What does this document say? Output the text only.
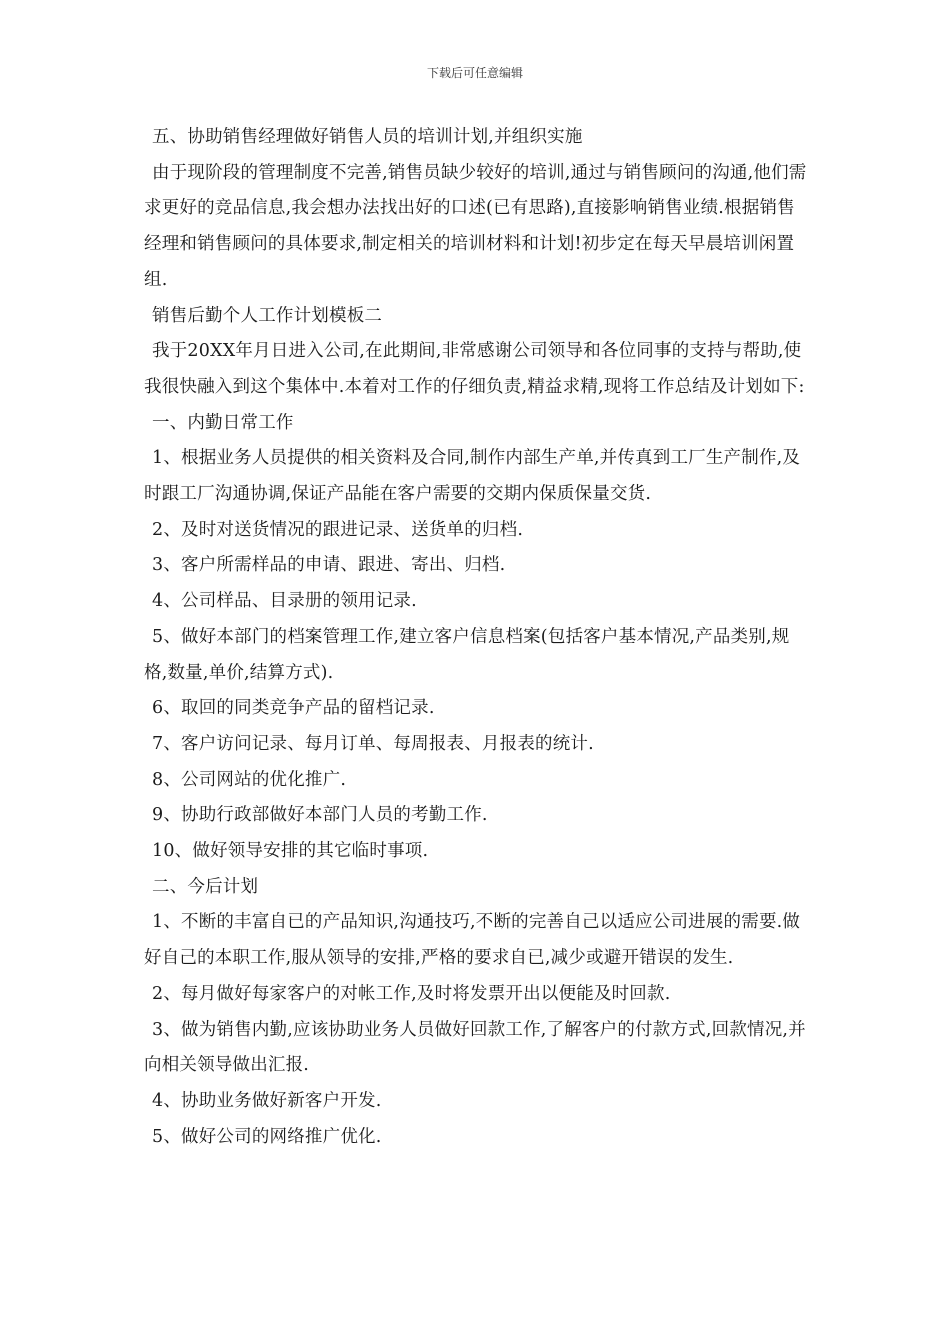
下载后可任意编辑

五、协助销售经理做好销售人员的培训计划,并组织实施

由于现阶段的管理制度不完善,销售员缺少较好的培训,通过与销售顾问的沟通,他们需求更好的竞品信息,我会想办法找出好的口述(已有思路),直接影响销售业绩.根据销售经理和销售顾问的具体要求,制定相关的培训材料和计划!初步定在每天早晨培训闲置组.

销售后勤个人工作计划模板二

我于20XX年月日进入公司,在此期间,非常感谢公司领导和各位同事的支持与帮助,使我很快融入到这个集体中.本着对工作的仔细负责,精益求精,现将工作总结及计划如下:

一、内勤日常工作

1、根据业务人员提供的相关资料及合同,制作内部生产单,并传真到工厂生产制作,及时跟工厂沟通协调,保证产品能在客户需要的交期内保质保量交货.

2、及时对送货情况的跟进记录、送货单的归档.

3、客户所需样品的申请、跟进、寄出、归档.

4、公司样品、目录册的领用记录.

5、做好本部门的档案管理工作,建立客户信息档案(包括客户基本情况,产品类别,规格,数量,单价,结算方式).

6、取回的同类竞争产品的留档记录.

7、客户访问记录、每月订单、每周报表、月报表的统计.

8、公司网站的优化推广.

9、协助行政部做好本部门人员的考勤工作.

10、做好领导安排的其它临时事项.

二、今后计划

1、不断的丰富自已的产品知识,沟通技巧,不断的完善自己以适应公司进展的需要.做好自己的本职工作,服从领导的安排,严格的要求自已,减少或避开错误的发生.

2、每月做好每家客户的对帐工作,及时将发票开出以便能及时回款.

3、做为销售内勤,应该协助业务人员做好回款工作,了解客户的付款方式,回款情况,并向相关领导做出汇报.

4、协助业务做好新客户开发.

5、做好公司的网络推广优化.
